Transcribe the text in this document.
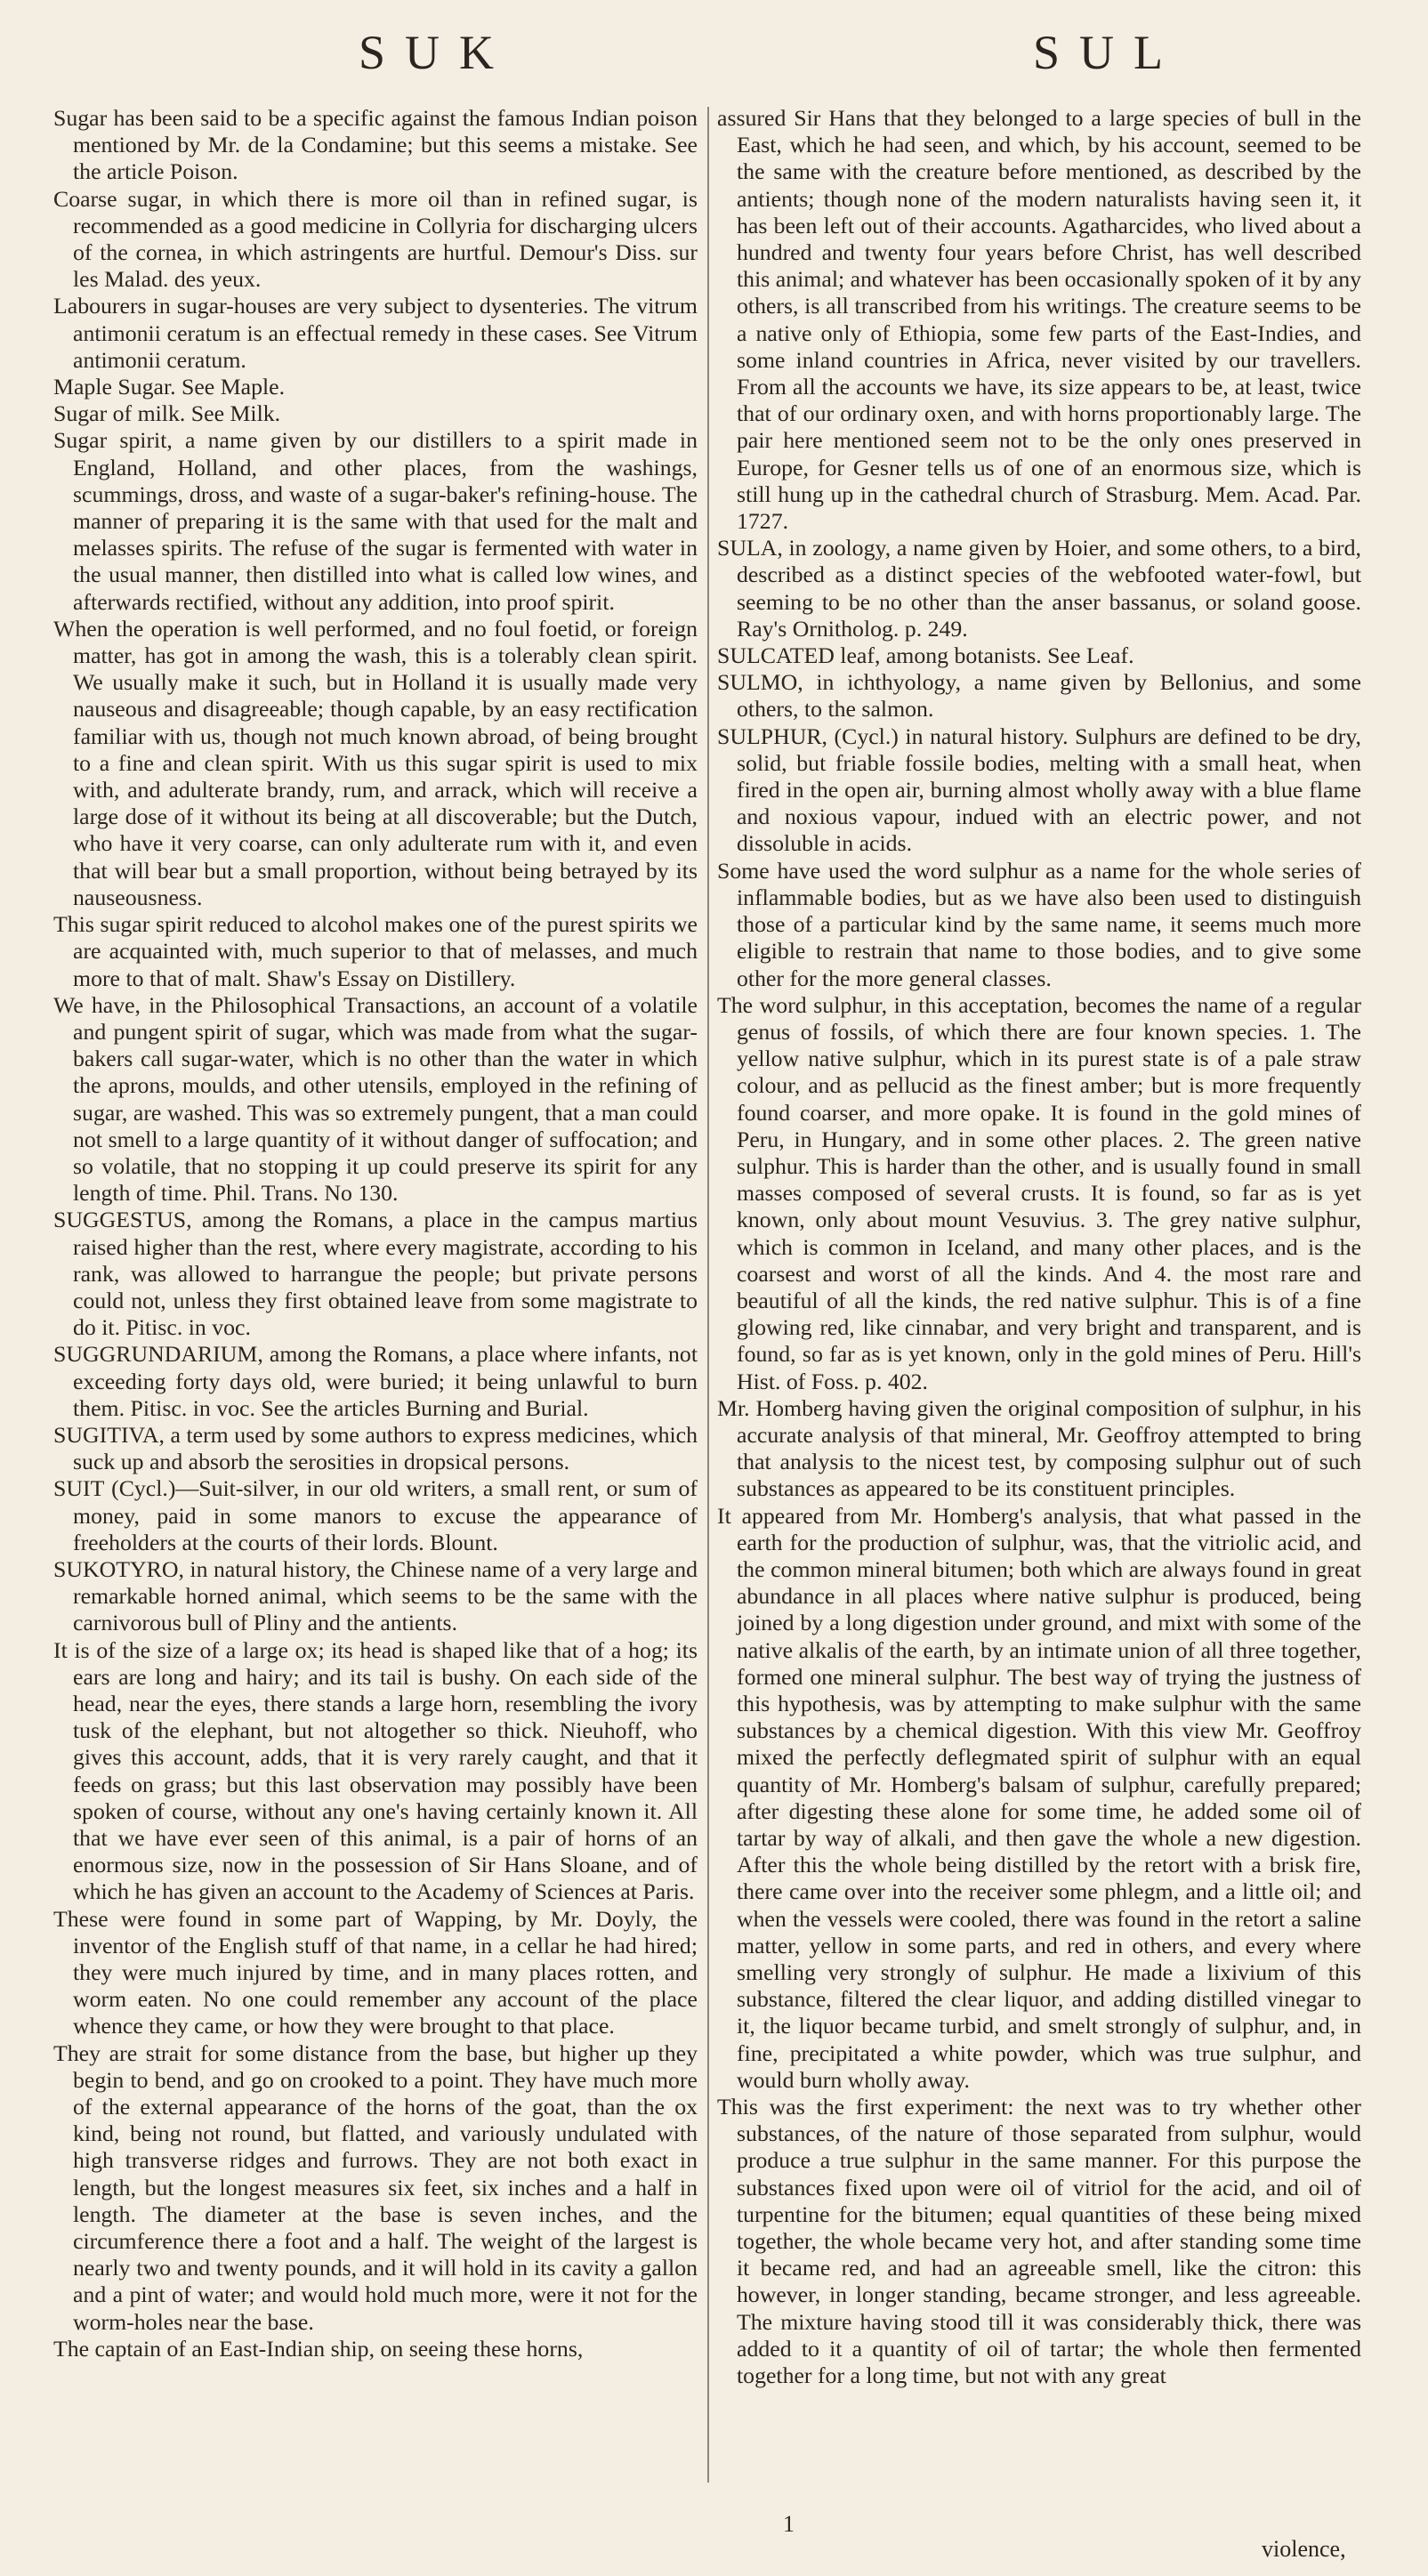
SUK	SUL

Sugar has been said to be a specific against the famous Indian poison mentioned by Mr. de la Condamine; but this seems a mistake. See the article Poison.

Coarse sugar, in which there is more oil than in refined sugar, is recommended as a good medicine in Collyria for discharging ulcers of the cornea, in which astringents are hurtful. Demour's Diss. sur les Malad. des yeux.

Labourers in sugar-houses are very subject to dysenteries. The vitrum antimonii ceratum is an effectual remedy in these cases. See Vitrum antimonii ceratum.

Maple Sugar. See Maple.

Sugar of milk. See Milk.

Sugar spirit, a name given by our distillers to a spirit made in England, Holland, and other places, from the washings, scummings, dross, and waste of a sugar-baker's refining-house. The manner of preparing it is the same with that used for the malt and melasses spirits. The refuse of the sugar is fermented with water in the usual manner, then distilled into what is called low wines, and afterwards rectified, without any addition, into proof spirit.

When the operation is well performed, and no foul foetid, or foreign matter, has got in among the wash, this is a tolerably clean spirit. We usually make it such, but in Holland it is usually made very nauseous and disagreeable; though capable, by an easy rectification familiar with us, though not much known abroad, of being brought to a fine and clean spirit. With us this sugar spirit is used to mix with, and adulterate brandy, rum, and arrack, which will receive a large dose of it without its being at all discoverable; but the Dutch, who have it very coarse, can only adulterate rum with it, and even that will bear but a small proportion, without being betrayed by its nauseousness.

This sugar spirit reduced to alcohol makes one of the purest spirits we are acquainted with, much superior to that of melasses, and much more to that of malt. Shaw's Essay on Distillery.

We have, in the Philosophical Transactions, an account of a volatile and pungent spirit of sugar, which was made from what the sugar-bakers call sugar-water, which is no other than the water in which the aprons, moulds, and other utensils, employed in the refining of sugar, are washed. This was so extremely pungent, that a man could not smell to a large quantity of it without danger of suffocation; and so volatile, that no stopping it up could preserve its spirit for any length of time. Phil. Trans. No 130.

SUGGESTUS, among the Romans, a place in the campus martius raised higher than the rest, where every magistrate, according to his rank, was allowed to harrangue the people; but private persons could not, unless they first obtained leave from some magistrate to do it. Pitisc. in voc.

SUGGRUNDARIUM, among the Romans, a place where infants, not exceeding forty days old, were buried; it being unlawful to burn them. Pitisc. in voc. See the articles Burning and Burial.

SUGITIVA, a term used by some authors to express medicines, which suck up and absorb the serosities in dropsical persons.

SUIT (Cycl.)—Suit-silver, in our old writers, a small rent, or sum of money, paid in some manors to excuse the appearance of freeholders at the courts of their lords. Blount.

SUKOTYRO, in natural history, the Chinese name of a very large and remarkable horned animal, which seems to be the same with the carnivorous bull of Pliny and the antients.

It is of the size of a large ox; its head is shaped like that of a hog; its ears are long and hairy; and its tail is bushy. On each side of the head, near the eyes, there stands a large horn, resembling the ivory tusk of the elephant, but not altogether so thick. Nieuhoff, who gives this account, adds, that it is very rarely caught, and that it feeds on grass; but this last observation may possibly have been spoken of course, without any one's having certainly known it. All that we have ever seen of this animal, is a pair of horns of an enormous size, now in the possession of Sir Hans Sloane, and of which he has given an account to the Academy of Sciences at Paris.

These were found in some part of Wapping, by Mr. Doyly, the inventor of the English stuff of that name, in a cellar he had hired; they were much injured by time, and in many places rotten, and worm eaten. No one could remember any account of the place whence they came, or how they were brought to that place.

They are strait for some distance from the base, but higher up they begin to bend, and go on crooked to a point. They have much more of the external appearance of the horns of the goat, than the ox kind, being not round, but flatted, and variously undulated with high transverse ridges and furrows. They are not both exact in length, but the longest measures six feet, six inches and a half in length. The diameter at the base is seven inches, and the circumference there a foot and a half. The weight of the largest is nearly two and twenty pounds, and it will hold in its cavity a gallon and a pint of water; and would hold much more, were it not for the worm-holes near the base.

The captain of an East-Indian ship, on seeing these horns,

assured Sir Hans that they belonged to a large species of bull in the East, which he had seen, and which, by his account, seemed to be the same with the creature before mentioned, as described by the antients; though none of the modern naturalists having seen it, it has been left out of their accounts. Agatharcides, who lived about a hundred and twenty four years before Christ, has well described this animal; and whatever has been occasionally spoken of it by any others, is all transcribed from his writings. The creature seems to be a native only of Ethiopia, some few parts of the East-Indies, and some inland countries in Africa, never visited by our travellers. From all the accounts we have, its size appears to be, at least, twice that of our ordinary oxen, and with horns proportionably large. The pair here mentioned seem not to be the only ones preserved in Europe, for Gesner tells us of one of an enormous size, which is still hung up in the cathedral church of Strasburg. Mem. Acad. Par. 1727.

SULA, in zoology, a name given by Hoier, and some others, to a bird, described as a distinct species of the webfooted water-fowl, but seeming to be no other than the anser bassanus, or soland goose. Ray's Ornitholog. p. 249.

SULCATED leaf, among botanists. See Leaf.

SULMO, in ichthyology, a name given by Bellonius, and some others, to the salmon.

SULPHUR, (Cycl.) in natural history. Sulphurs are defined to be dry, solid, but friable fossile bodies, melting with a small heat, when fired in the open air, burning almost wholly away with a blue flame and noxious vapour, indued with an electric power, and not dissoluble in acids.

Some have used the word sulphur as a name for the whole series of inflammable bodies, but as we have also been used to distinguish those of a particular kind by the same name, it seems much more eligible to restrain that name to those bodies, and to give some other for the more general classes.

The word sulphur, in this acceptation, becomes the name of a regular genus of fossils, of which there are four known species. 1. The yellow native sulphur, which in its purest state is of a pale straw colour, and as pellucid as the finest amber; but is more frequently found coarser, and more opake. It is found in the gold mines of Peru, in Hungary, and in some other places. 2. The green native sulphur. This is harder than the other, and is usually found in small masses composed of several crusts. It is found, so far as is yet known, only about mount Vesuvius. 3. The grey native sulphur, which is common in Iceland, and many other places, and is the coarsest and worst of all the kinds. And 4. the most rare and beautiful of all the kinds, the red native sulphur. This is of a fine glowing red, like cinnabar, and very bright and transparent, and is found, so far as is yet known, only in the gold mines of Peru. Hill's Hist. of Foss. p. 402.

Mr. Homberg having given the original composition of sulphur, in his accurate analysis of that mineral, Mr. Geoffroy attempted to bring that analysis to the nicest test, by composing sulphur out of such substances as appeared to be its constituent principles.

It appeared from Mr. Homberg's analysis, that what passed in the earth for the production of sulphur, was, that the vitriolic acid, and the common mineral bitumen; both which are always found in great abundance in all places where native sulphur is produced, being joined by a long digestion under ground, and mixt with some of the native alkalis of the earth, by an intimate union of all three together, formed one mineral sulphur. The best way of trying the justness of this hypothesis, was by attempting to make sulphur with the same substances by a chemical digestion. With this view Mr. Geoffroy mixed the perfectly deflegmated spirit of sulphur with an equal quantity of Mr. Homberg's balsam of sulphur, carefully prepared; after digesting these alone for some time, he added some oil of tartar by way of alkali, and then gave the whole a new digestion. After this the whole being distilled by the retort with a brisk fire, there came over into the receiver some phlegm, and a little oil; and when the vessels were cooled, there was found in the retort a saline matter, yellow in some parts, and red in others, and every where smelling very strongly of sulphur. He made a lixivium of this substance, filtered the clear liquor, and adding distilled vinegar to it, the liquor became turbid, and smelt strongly of sulphur, and, in fine, precipitated a white powder, which was true sulphur, and would burn wholly away.

This was the first experiment: the next was to try whether other substances, of the nature of those separated from sulphur, would produce a true sulphur in the same manner. For this purpose the substances fixed upon were oil of vitriol for the acid, and oil of turpentine for the bitumen; equal quantities of these being mixed together, the whole became very hot, and after standing some time it became red, and had an agreeable smell, like the citron: this however, in longer standing, became stronger, and less agreeable. The mixture having stood till it was considerably thick, there was added to it a quantity of oil of tartar; the whole then fermented together for a long time, but not with any great

1
violence,
